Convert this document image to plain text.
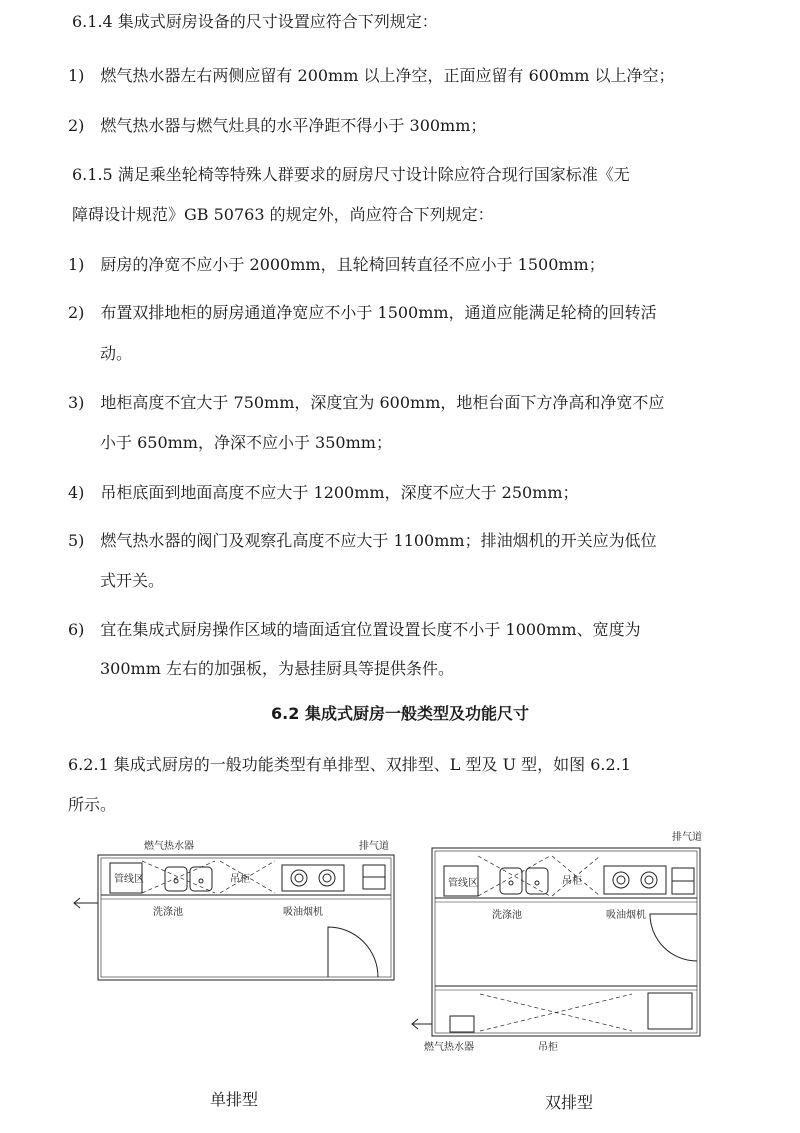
6.1.4 集成式厨房设备的尺寸设置应符合下列规定：
1)　燃气热水器左右两侧应留有 200mm 以上净空，正面应留有 600mm 以上净空；
2)　燃气热水器与燃气灶具的水平净距不得小于 300mm；
6.1.5 满足乘坐轮椅等特殊人群要求的厨房尺寸设计除应符合现行国家标准《无
障碍设计规范》GB 50763 的规定外，尚应符合下列规定：
1)　厨房的净宽不应小于 2000mm，且轮椅回转直径不应小于 1500mm；
2)　布置双排地柜的厨房通道净宽应不小于 1500mm，通道应能满足轮椅的回转活
动。
3)　地柜高度不宜大于 750mm，深度宜为 600mm，地柜台面下方净高和净宽不应
小于 650mm，净深不应小于 350mm；
4)　吊柜底面到地面高度不应大于 1200mm，深度不应大于 250mm；
5)　燃气热水器的阀门及观察孔高度不应大于 1100mm；排油烟机的开关应为低位
式开关。
6)　宜在集成式厨房操作区域的墙面适宜位置设置长度不小于 1000mm、宽度为
300mm 左右的加强板，为悬挂厨具等提供条件。
6.2 集成式厨房一般类型及功能尺寸
6.2.1 集成式厨房的一般功能类型有单排型、双排型、L 型及 U 型，如图 6.2.1
所示。
燃气热水器	排气道
管线区	吊柜
洗涤池	吸油烟机
排气道
管线区	吊柜
洗涤池	吸油烟机
燃气热水器	吊柜
单排型	双排型
